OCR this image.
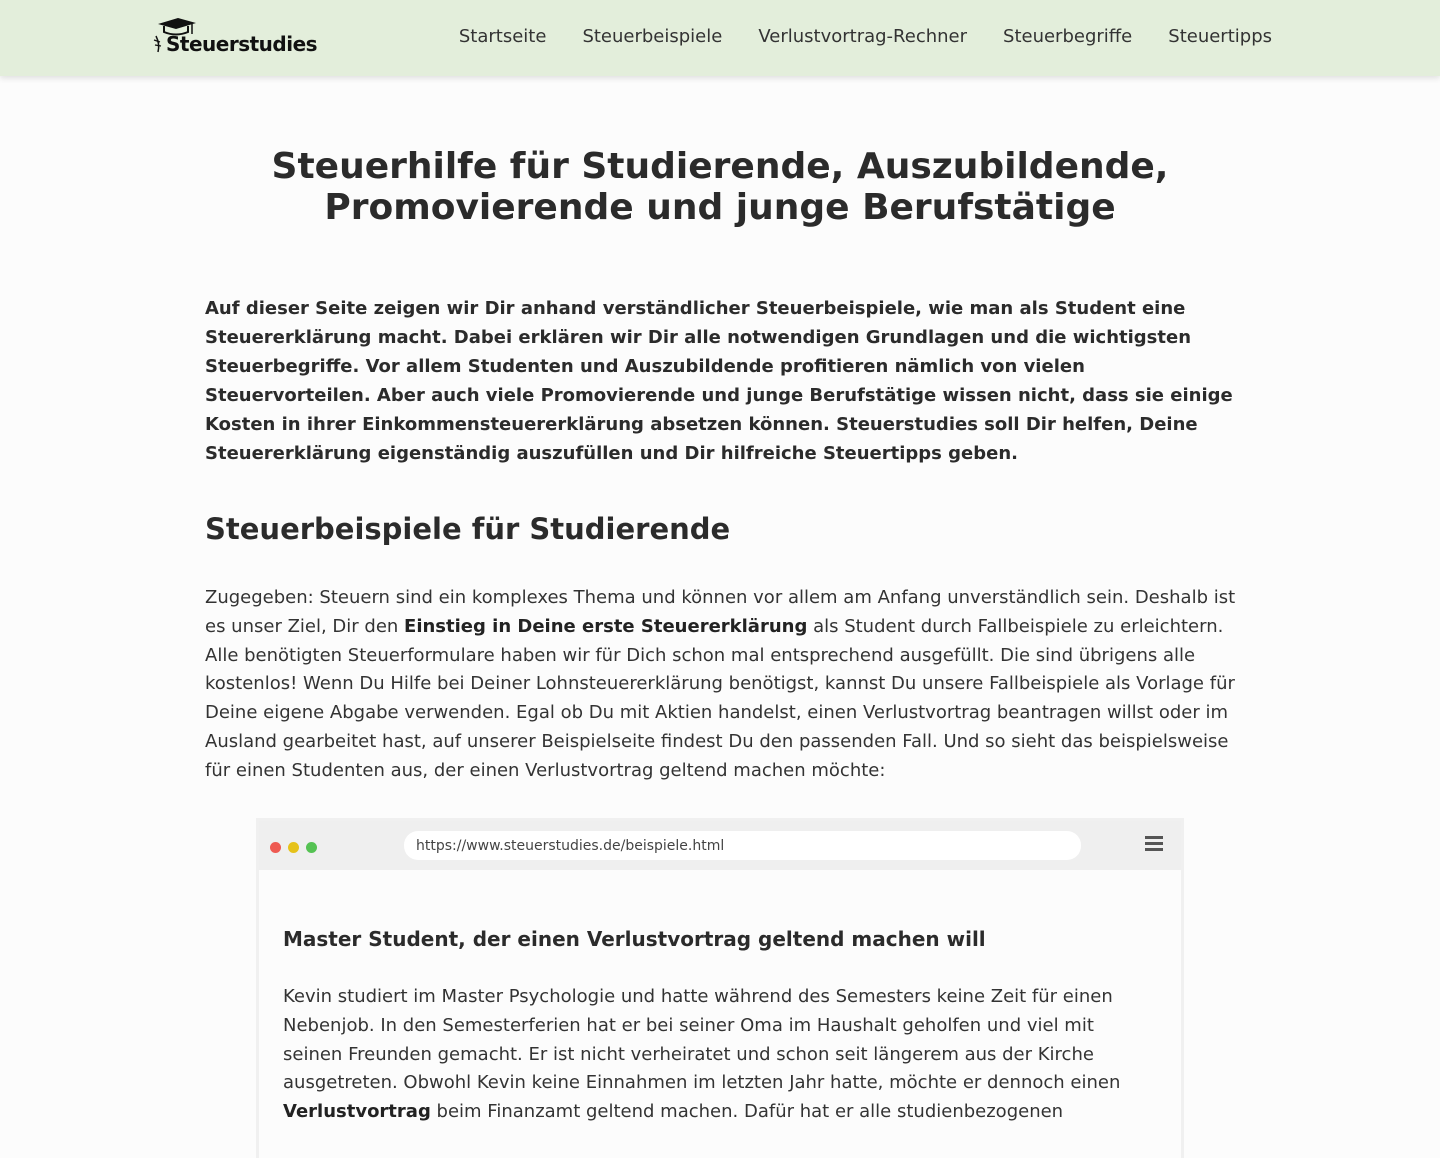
Steuerstudies	Startseite Steuerbeispiele Verlustvortrag-Rechner Steuerbegriffe Steuertipps
Steuerhilfe für Studierende, Auszubildende,
Promovierende und junge Berufstätige

Auf dieser Seite zeigen wir Dir anhand verständlicher Steuerbeispiele, wie man als Student eine Steuererklärung macht. Dabei erklären wir Dir alle notwendigen Grundlagen und die wichtigsten Steuerbegriffe. Vor allem Studenten und Auszubildende profitieren nämlich von vielen Steuervorteilen. Aber auch viele Promovierende und junge Berufstätige wissen nicht, dass sie einige Kosten in ihrer Einkommensteuererklärung absetzen können. Steuerstudies soll Dir helfen, Deine Steuererklärung eigenständig auszufüllen und Dir hilfreiche Steuertipps geben.

Steuerbeispiele für Studierende

Zugegeben: Steuern sind ein komplexes Thema und können vor allem am Anfang unverständlich sein. Deshalb ist es unser Ziel, Dir den Einstieg in Deine erste Steuererklärung als Student durch Fallbeispiele zu erleichtern. Alle benötigten Steuerformulare haben wir für Dich schon mal entsprechend ausgefüllt. Die sind übrigens alle kostenlos! Wenn Du Hilfe bei Deiner Lohnsteuererklärung benötigst, kannst Du unsere Fallbeispiele als Vorlage für Deine eigene Abgabe verwenden. Egal ob Du mit Aktien handelst, einen Verlustvortrag beantragen willst oder im Ausland gearbeitet hast, auf unserer Beispielseite findest Du den passenden Fall. Und so sieht das beispielsweise für einen Studenten aus, der einen Verlustvortrag geltend machen möchte:

https://www.steuerstudies.de/beispiele.html
Master Student, der einen Verlustvortrag geltend machen will

Kevin studiert im Master Psychologie und hatte während des Semesters keine Zeit für einen Nebenjob. In den Semesterferien hat er bei seiner Oma im Haushalt geholfen und viel mit seinen Freunden gemacht. Er ist nicht verheiratet und schon seit längerem aus der Kirche ausgetreten. Obwohl Kevin keine Einnahmen im letzten Jahr hatte, möchte er dennoch einen Verlustvortrag beim Finanzamt geltend machen. Dafür hat er alle studienbezogenen
